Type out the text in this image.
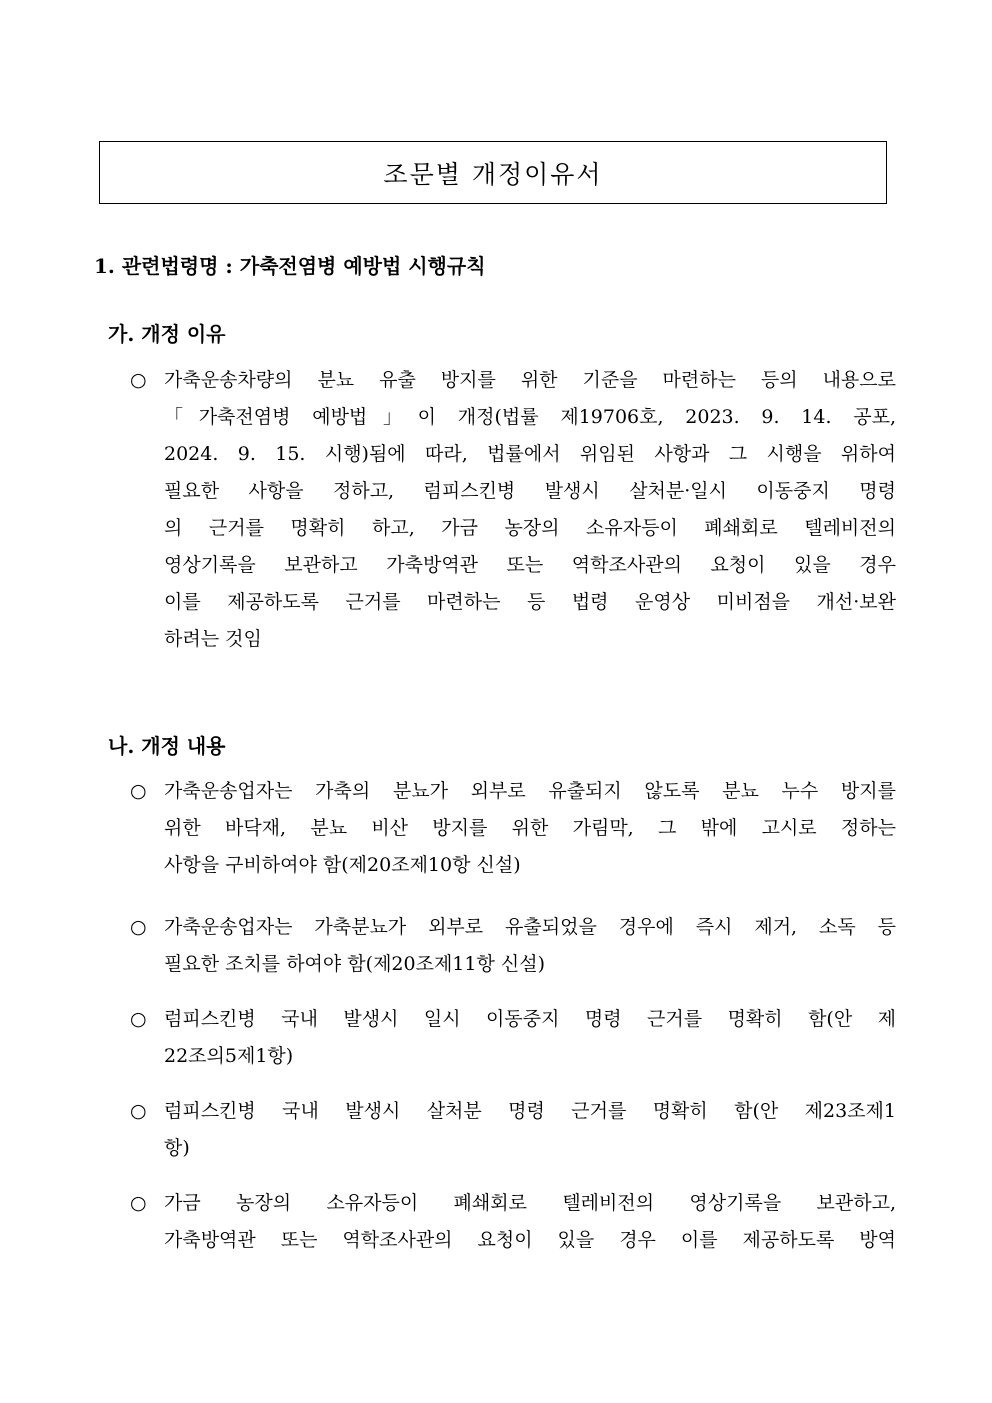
조문별 개정이유서
1. 관련법령명 : 가축전염병 예방법 시행규칙
가. 개정 이유
○ 가축운송차량의 분뇨 유출 방지를 위한 기준을 마련하는 등의 내용으로
「가축전염병 예방법」이 개정(법률 제19706호, 2023. 9. 14. 공포,
2024. 9. 15. 시행)됨에 따라, 법률에서 위임된 사항과 그 시행을 위하여
필요한 사항을 정하고, 럼피스킨병 발생시 살처분·일시 이동중지 명령
의 근거를 명확히 하고, 가금 농장의 소유자등이 폐쇄회로 텔레비전의
영상기록을 보관하고 가축방역관 또는 역학조사관의 요청이 있을 경우
이를 제공하도록 근거를 마련하는 등 법령 운영상 미비점을 개선·보완
하려는 것임
나. 개정 내용
○ 가축운송업자는 가축의 분뇨가 외부로 유출되지 않도록 분뇨 누수 방지를
위한 바닥재, 분뇨 비산 방지를 위한 가림막, 그 밖에 고시로 정하는
사항을 구비하여야 함(제20조제10항 신설)
○ 가축운송업자는 가축분뇨가 외부로 유출되었을 경우에 즉시 제거, 소독 등
필요한 조치를 하여야 함(제20조제11항 신설)
○ 럼피스킨병 국내 발생시 일시 이동중지 명령 근거를 명확히 함(안 제
22조의5제1항)
○ 럼피스킨병 국내 발생시 살처분 명령 근거를 명확히 함(안 제23조제1
항)
○ 가금 농장의 소유자등이 폐쇄회로 텔레비전의 영상기록을 보관하고,
가축방역관 또는 역학조사관의 요청이 있을 경우 이를 제공하도록 방역
